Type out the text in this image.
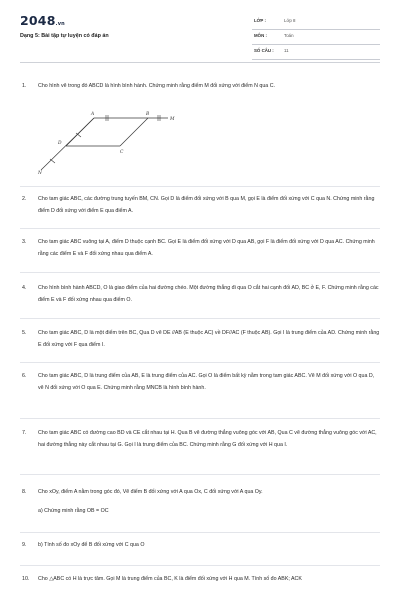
2048.vn
Dạng 5: Bài tập tự luyện có đáp án
LỚP :	Lớp 8
MÔN :	Toán
SỐ CÂU : 11
1.	Cho hình vẽ trong đó ABCD là hình bình hành. Chứng minh rằng điểm M đối xứng với điểm N qua C.
A	B
M
D
C
N
2.	Cho tam giác ABC, các đường trung tuyến BM, CN. Gọi D là điểm đối xứng với B qua M, gọi E là điểm đối xứng với C qua N. Chứng minh rằng điểm D đối xứng với điểm E qua điểm A.
3.	Cho tam giác ABC vuông tại A, điểm D thuộc cạnh BC. Gọi E là điểm đối xứng với D qua AB, gọi F là điểm đối xứng với D qua AC. Chứng minh rằng các điểm E và F đối xứng nhau qua điểm A.
4.	Cho hình bình hành ABCD, O là giao điểm của hai đường chéo. Một đường thẳng đi qua O cắt hai cạnh đối AD, BC ở E, F. Chứng minh rằng các điểm E và F đối xứng nhau qua điểm O.
5.	Cho tam giác ABC, D là một điểm trên BC, Qua D vẽ DE //AB (E thuộc AC) về DF//AC (F thuộc AB). Gọi I là trung điểm của AD. Chứng minh rằng E đối xứng với F qua điểm I.
6.	Cho tam giác ABC, D là trung điểm của AB, E là trung điểm của AC. Gọi O là điểm bất kỳ nằm trong tam giác ABC. Vẽ M đối xứng với O qua D, vẽ N đối xứng với O qua E. Chứng minh rằng MNCB là hình bình hành.
7.	Cho tam giác ABC có đường cao BD và CE cắt nhau tại H. Qua B vẽ đường thẳng vuông góc với AB, Qua C vẽ đường thẳng vuông góc với AC, hai đường thẳng này cắt nhau tại G. Gọi I là trung điểm của BC. Chứng minh rằng G đối xứng với H qua I.
8.	Cho xOy, điểm A nằm trong góc đó, Vẽ điểm B đối xứng với A qua Ox, C đối xứng với A qua Oy.
a) Chứng minh rằng OB = OC
9.	b) Tính số đo xOy để B đối xứng với C qua O
10.	Cho △ABC có H là trực tâm. Gọi M là trung điểm của BC, K là điểm đối xứng với H qua M. Tính số đo ABK; ACK
